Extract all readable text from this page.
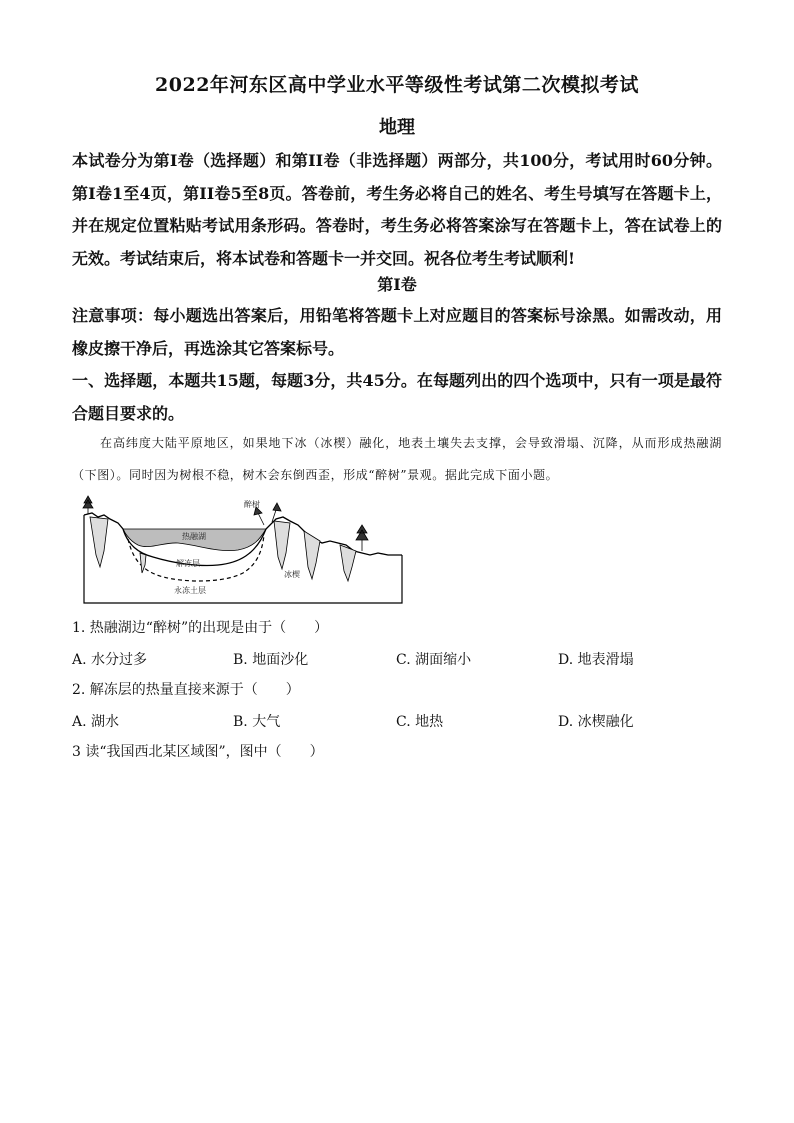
2022年河东区高中学业水平等级性考试第二次模拟考试
地理

本试卷分为第Ⅰ卷（选择题）和第II卷（非选择题）两部分，共100分，考试用时60分钟。第Ⅰ卷1至4页，第II卷5至8页。答卷前，考生务必将自己的姓名、考生号填写在答题卡上，并在规定位置粘贴考试用条形码。答卷时，考生务必将答案涂写在答题卡上，答在试卷上的无效。考试结束后，将本试卷和答题卡一并交回。祝各位考生考试顺利!

第Ⅰ卷

注意事项：每小题选出答案后，用铅笔将答题卡上对应题目的答案标号涂黑。如需改动，用橡皮擦干净后，再选涂其它答案标号。

一、选择题，本题共15题，每题3分，共45分。在每题列出的四个选项中，只有一项是最符合题目要求的。

在高纬度大陆平原地区，如果地下冰（冰楔）融化，地表土壤失去支撑，会导致滑塌、沉降，从而形成热融湖（下图）。同时因为树根不稳，树木会东倒西歪，形成“醉树”景观。据此完成下面小题。

醉树
热融湖
解冻层
冰楔
永冻土层
1. 热融湖边“醉树”的出现是由于（　　）
A. 水分过多	B. 地面沙化	C. 湖面缩小	D. 地表滑塌
2. 解冻层的热量直接来源于（　　）
A. 湖水	B. 大气	C. 地热	D. 冰楔融化
3 读“我国西北某区域图”，图中（　　）
